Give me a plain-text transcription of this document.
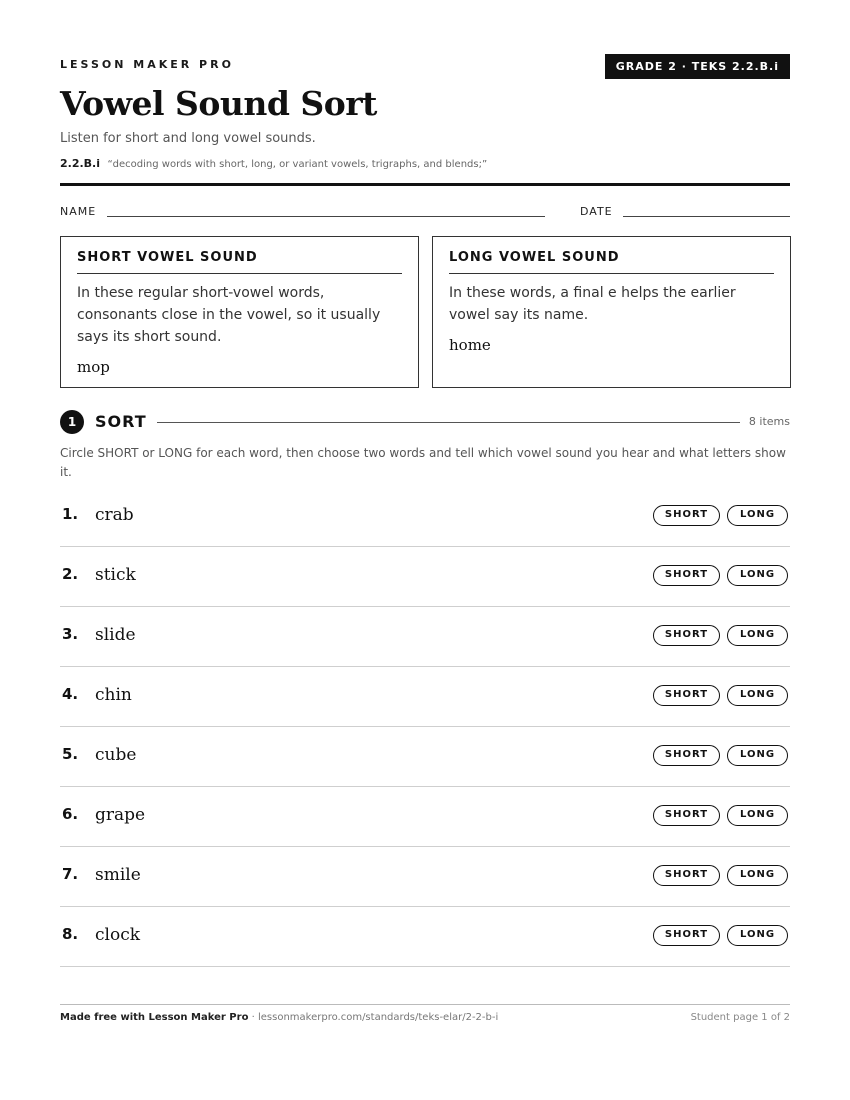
LESSON MAKER PRO	GRADE 2 · TEKS 2.2.B.i
Vowel Sound Sort
Listen for short and long vowel sounds.
2.2.B.i “decoding words with short, long, or variant vowels, trigraphs, and blends;”
NAME	DATE
SHORT VOWEL SOUND
In these regular short-vowel words, consonants close in the vowel, so it usually says its short sound.
mop
LONG VOWEL SOUND
In these words, a final e helps the earlier vowel say its name.
home
1	SORT	8 items
Circle SHORT or LONG for each word, then choose two words and tell which vowel sound you hear and what letters show it.
1. crab	SHORT	LONG
2. stick	SHORT	LONG
3. slide	SHORT	LONG
4. chin	SHORT	LONG
5. cube	SHORT	LONG
6. grape	SHORT	LONG
7. smile	SHORT	LONG
8. clock	SHORT	LONG
Made free with Lesson Maker Pro · lessonmakerpro.com/standards/teks-elar/2-2-b-i	Student page 1 of 2
